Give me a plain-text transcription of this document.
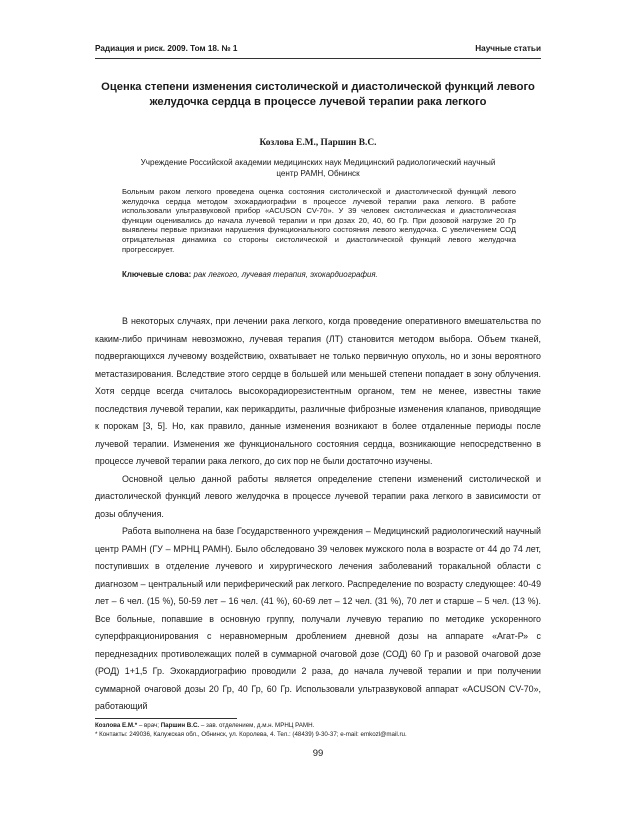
Радиация и риск. 2009. Том 18. № 1	Научные статьи
Оценка степени изменения систолической и диастолической функций левого желудочка сердца в процессе лучевой терапии рака легкого
Козлова Е.М., Паршин В.С.
Учреждение Российской академии медицинских наук Медицинский радиологический научный центр РАМН, Обнинск
Больным раком легкого проведена оценка состояния систолической и диастолической функций левого желудочка сердца методом эхокардиографии в процессе лучевой терапии рака легкого. В работе использовали ультразвуковой прибор «ACUSON CV-70». У 39 человек систолическая и диастолическая функции оценивались до начала лучевой терапии и при дозах 20, 40, 60 Гр. При дозовой нагрузке 20 Гр выявлены первые признаки нарушения функционального состояния левого желудочка. С увеличением СОД отрицательная динамика со стороны систолической и диастолической функций левого желудочка прогрессирует.
Ключевые слова: рак легкого, лучевая терапия, эхокардиография.

В некоторых случаях, при лечении рака легкого, когда проведение оперативного вмешательства по каким-либо причинам невозможно, лучевая терапия (ЛТ) становится методом выбора. Объем тканей, подвергающихся лучевому воздействию, охватывает не только первичную опухоль, но и зоны вероятного метастазирования. Вследствие этого сердце в большей или меньшей степени попадает в зону облучения. Хотя сердце всегда считалось высокорадиорезистентным органом, тем не менее, известны такие последствия лучевой терапии, как перикардиты, различные фиброзные изменения клапанов, приводящие к порокам [3, 5]. Но, как правило, данные изменения возникают в более отдаленные периоды после лучевой терапии. Изменения же функционального состояния сердца, возникающие непосредственно в процессе лучевой терапии рака легкого, до сих пор не были достаточно изучены.

Основной целью данной работы является определение степени изменений систолической и диастолической функций левого желудочка в процессе лучевой терапии рака легкого в зависимости от дозы облучения.

Работа выполнена на базе Государственного учреждения – Медицинский радиологический научный центр РАМН (ГУ – МРНЦ РАМН). Было обследовано 39 человек мужского пола в возрасте от 44 до 74 лет, поступивших в отделение лучевого и хирургического лечения заболеваний торакальной области с диагнозом – центральный или периферический рак легкого. Распределение по возрасту следующее: 40-49 лет – 6 чел. (15 %), 50-59 лет – 16 чел. (41 %), 60-69 лет – 12 чел. (31 %), 70 лет и старше – 5 чел. (13 %). Все больные, попавшие в основную группу, получали лучевую терапию по методике ускоренного суперфракционирования с неравномерным дроблением дневной дозы на аппарате «Агат-Р» с переднезадних противолежащих полей в суммарной очаговой дозе (СОД) 60 Гр и разовой очаговой дозе (РОД) 1+1,5 Гр. Эхокардиографию проводили 2 раза, до начала лучевой терапии и при получении суммарной очаговой дозы 20 Гр, 40 Гр, 60 Гр. Использовали ультразвуковой аппарат «ACUSON CV-70», работающий

Козлова Е.М.* – врач; Паршин В.С. – зав. отделением, д.м.н. МРНЦ РАМН.
* Контакты: 249036, Калужская обл., Обнинск, ул. Королева, 4. Тел.: (48439) 9-30-37; e-mail: emkozl@mail.ru.
99
